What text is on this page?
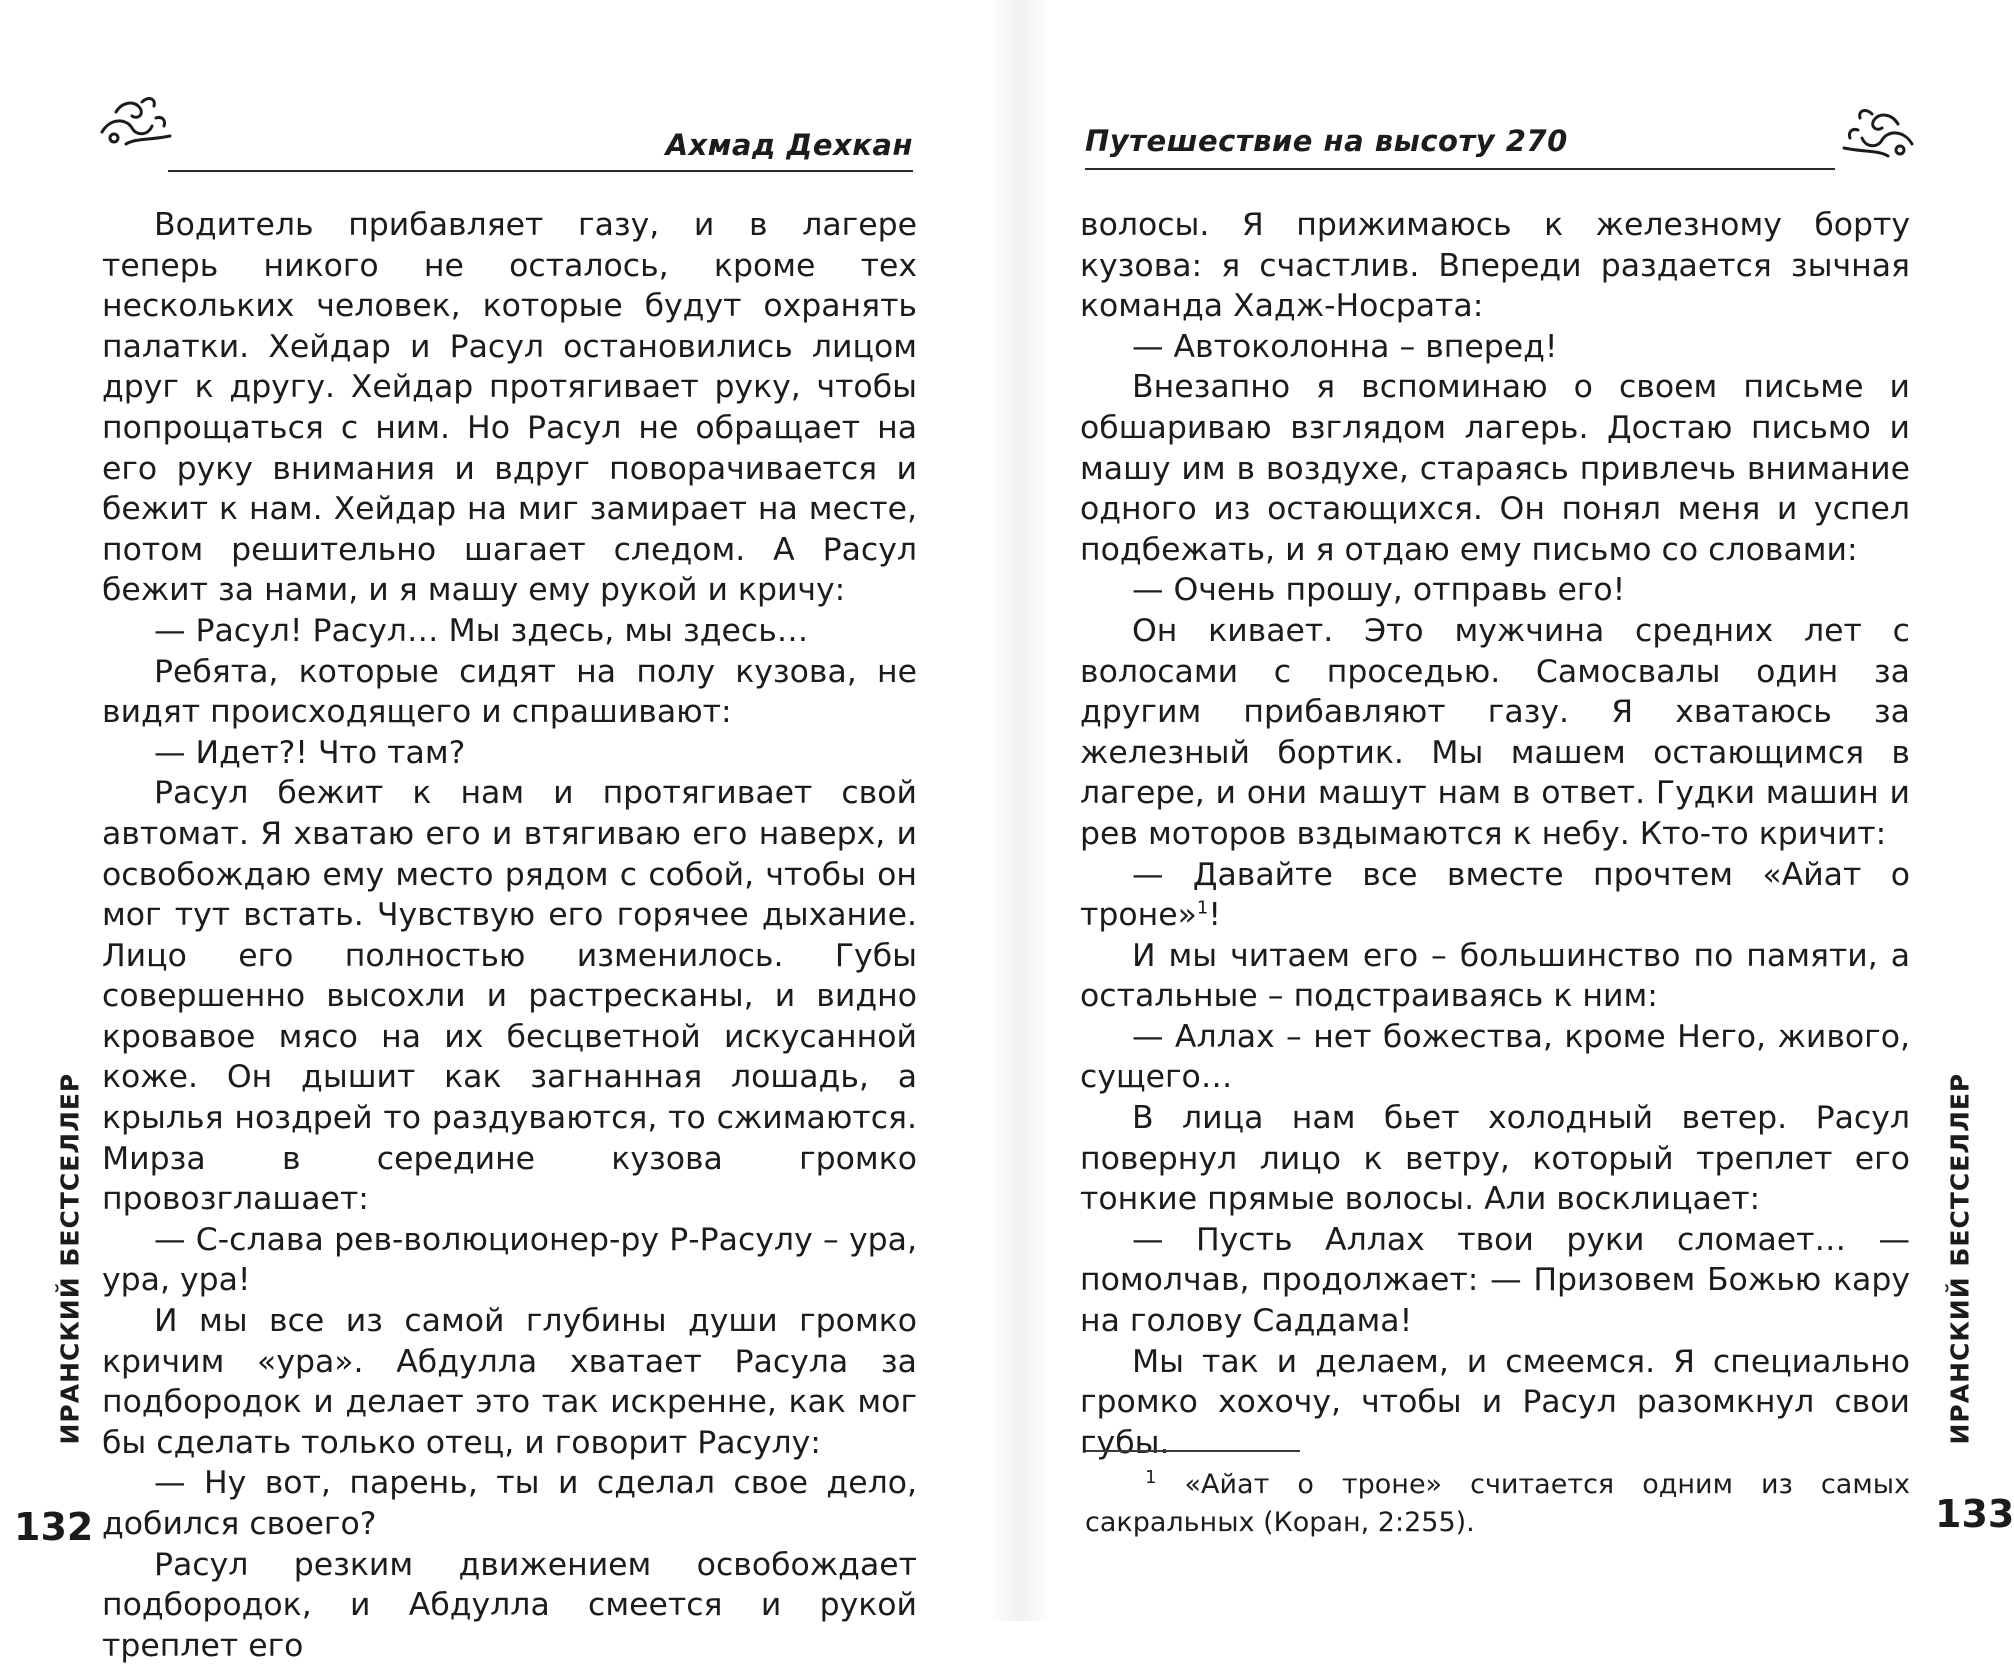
Ахмад Дехкан

Водитель прибавляет газу, и в лагере теперь никого не осталось, кроме тех нескольких человек, которые будут охранять палатки. Хейдар и Расул остановились лицом друг к другу. Хейдар протягивает руку, чтобы попрощаться с ним. Но Расул не обращает на его руку внимания и вдруг поворачивается и бежит к нам. Хейдар на миг замирает на месте, потом решительно шагает следом. А Расул бежит за нами, и я машу ему рукой и кричу:

— Расул! Расул… Мы здесь, мы здесь…

Ребята, которые сидят на полу кузова, не видят происходящего и спрашивают:

— Идет?! Что там?

Расул бежит к нам и протягивает свой автомат. Я хватаю его и втягиваю его наверх, и освобождаю ему место рядом с собой, чтобы он мог тут встать. Чувствую его горячее дыхание. Лицо его полностью изменилось. Губы совершенно высохли и растресканы, и видно кровавое мясо на их бесцветной искусанной коже. Он дышит как загнанная лошадь, а крылья ноздрей то раздуваются, то сжимаются. Мирза в середине кузова громко провозглашает:

— С-слава рев-волюционер-ру Р-Расулу – ура, ура, ура!

И мы все из самой глубины души громко кричим «ура». Абдулла хватает Расула за подбородок и делает это так искренне, как мог бы сделать только отец, и говорит Расулу:

— Ну вот, парень, ты и сделал свое дело, добился своего?

Расул резким движением освобождает подбородок, и Абдулла смеется и рукой треплет его

ИРАНСКИЙ БЕСТСЕЛЛЕР
132
Путешествие на высоту 270

волосы. Я прижимаюсь к железному борту кузова: я счастлив. Впереди раздается зычная команда Хадж-Носрата:

— Автоколонна – вперед!

Внезапно я вспоминаю о своем письме и обшариваю взглядом лагерь. Достаю письмо и машу им в воздухе, стараясь привлечь внимание одного из остающихся. Он понял меня и успел подбежать, и я отдаю ему письмо со словами:

— Очень прошу, отправь его!

Он кивает. Это мужчина средних лет с волосами с проседью. Самосвалы один за другим прибавляют газу. Я хватаюсь за железный бортик. Мы машем остающимся в лагере, и они машут нам в ответ. Гудки машин и рев моторов вздымаются к небу. Кто-то кричит:

— Давайте все вместе прочтем «Айат о троне»$^1$!

И мы читаем его – большинство по памяти, а остальные – подстраиваясь к ним:

— Аллах – нет божества, кроме Него, живого, сущего…

В лица нам бьет холодный ветер. Расул повернул лицо к ветру, который треплет его тонкие прямые волосы. Али восклицает:

— Пусть Аллах твои руки сломает… — помолчав, продолжает: — Призовем Божью кару на голову Саддама!

Мы так и делаем, и смеемся. Я специально громко хохочу, чтобы и Расул разомкнул свои губы.

$^1$ «Айат о троне» считается одним из самых сакральных (Коран, 2:255).

ИРАНСКИЙ БЕСТСЕЛЛЕР
133
